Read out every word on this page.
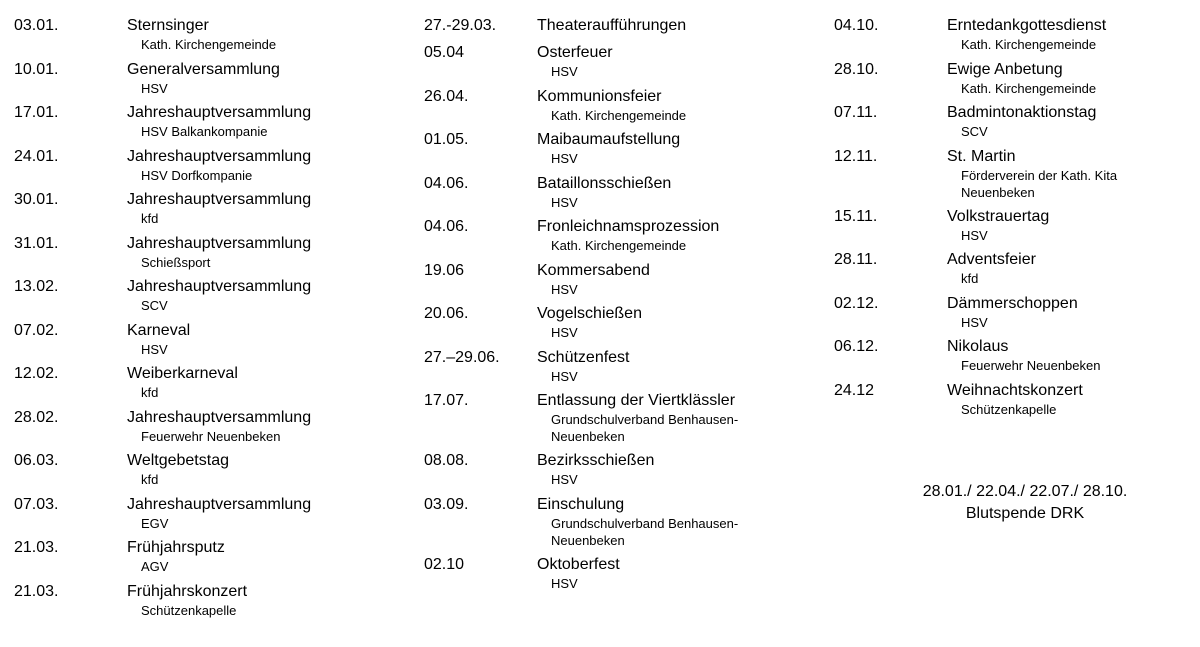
03.01.	Sternsinger
Kath. Kirchengemeinde
10.01.	Generalversammlung
HSV
17.01.	Jahreshauptversammlung
HSV Balkankompanie
24.01.	Jahreshauptversammlung
HSV Dorfkompanie
30.01.	Jahreshauptversammlung
kfd
31.01.	Jahreshauptversammlung
Schießsport
13.02.	Jahreshauptversammlung
SCV
07.02.	Karneval
HSV
12.02.	Weiberkarneval
kfd
28.02.	Jahreshauptversammlung
Feuerwehr Neuenbeken
06.03.	Weltgebetstag
kfd
07.03.	Jahreshauptversammlung
EGV
21.03.	Frühjahrsputz
AGV
21.03.	Frühjahrskonzert
Schützenkapelle
27.-29.03.	Theateraufführungen
05.04	Osterfeuer
HSV
26.04.	Kommunionsfeier
Kath. Kirchengemeinde
01.05.	Maibaumaufstellung
HSV
04.06.	Bataillonsschießen
HSV
04.06.	Fronleichnamsprozession
Kath. Kirchengemeinde
19.06	Kommersabend
HSV
20.06.	Vogelschießen
HSV
27.–29.06. Schützenfest
HSV
17.07.	Entlassung der Viertklässler
Grundschulverband Benhausen-
Neuenbeken
08.08.	Bezirksschießen
HSV
03.09.	Einschulung
Grundschulverband Benhausen-
Neuenbeken
02.10	Oktoberfest
HSV
04.10.	Erntedankgottesdienst
Kath. Kirchengemeinde
28.10.	Ewige Anbetung
Kath. Kirchengemeinde
07.11.	Badmintonaktionstag
SCV
12.11.	St. Martin
Förderverein der Kath. Kita
Neuenbeken
15.11.	Volkstrauertag
HSV
28.11.	Adventsfeier
kfd
02.12.	Dämmerschoppen
HSV
06.12.	Nikolaus
Feuerwehr Neuenbeken
24.12	Weihnachtskonzert
Schützenkapelle
28.01./ 22.04./ 22.07./ 28.10.
Blutspende DRK
